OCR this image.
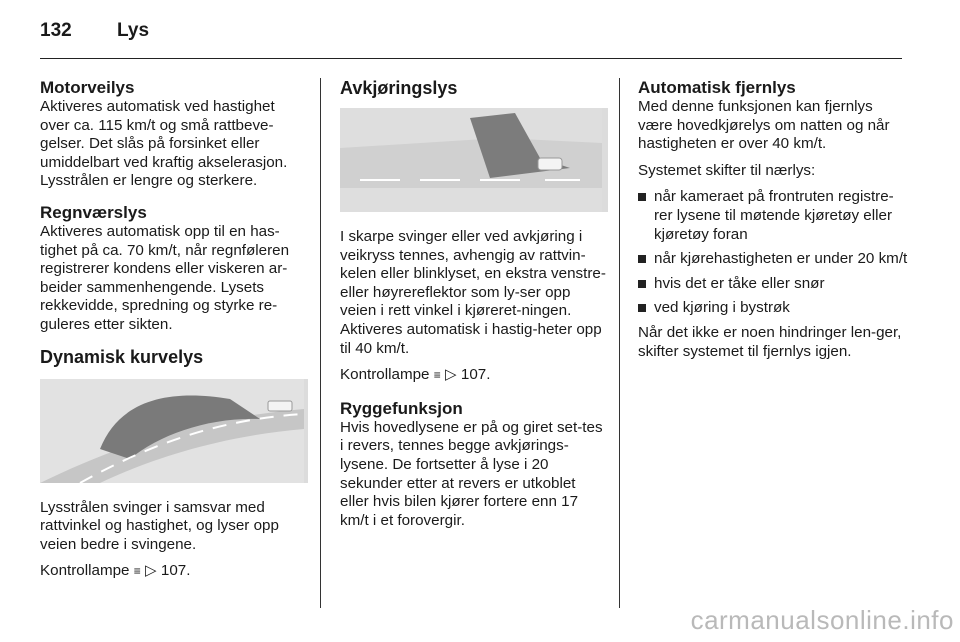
132 Lys
Motorveilys

Aktiveres automatisk ved hastighet over ca. 115 km/t og små rattbeve-gelser. Det slås på forsinket eller umiddelbart ved kraftig akselerasjon. Lysstrålen er lengre og sterkere.

Regnværslys

Aktiveres automatisk opp til en has-tighet på ca. 70 km/t, når regnføleren registrerer kondens eller viskeren ar-beider sammenhengende. Lysets rekkevidde, spredning og styrke re-guleres etter sikten.

Dynamisk kurvelys

Lysstrålen svinger i samsvar med rattvinkel og hastighet, og lyser opp veien bedre i svingene.

Kontrollampe ≡ ▷ 107.

Avkjøringslys

I skarpe svinger eller ved avkjøring i veikryss tennes, avhengig av rattvin-kelen eller blinklyset, en ekstra venstre- eller høyrereflektor som ly-ser opp veien i rett vinkel i kjøreret-ningen. Aktiveres automatisk i hastig-heter opp til 40 km/t.

Kontrollampe ≡ ▷ 107.

Ryggefunksjon

Hvis hovedlysene er på og giret set-tes i revers, tennes begge avkjørings-lysene. De fortsetter å lyse i 20 sekunder etter at revers er utkoblet eller hvis bilen kjører fortere enn 17 km/t i et forovergir.

Automatisk fjernlys

Med denne funksjonen kan fjernlys være hovedkjørelys om natten og når hastigheten er over 40 km/t.

Systemet skifter til nærlys:

når kameraet på frontruten registre-rer lysene til møtende kjøretøy eller kjøretøy foran
når kjørehastigheten er under 20 km/t
hvis det er tåke eller snør
ved kjøring i bystrøk

Når det ikke er noen hindringer len-ger, skifter systemet til fjernlys igjen.

carmanualsonline.info
